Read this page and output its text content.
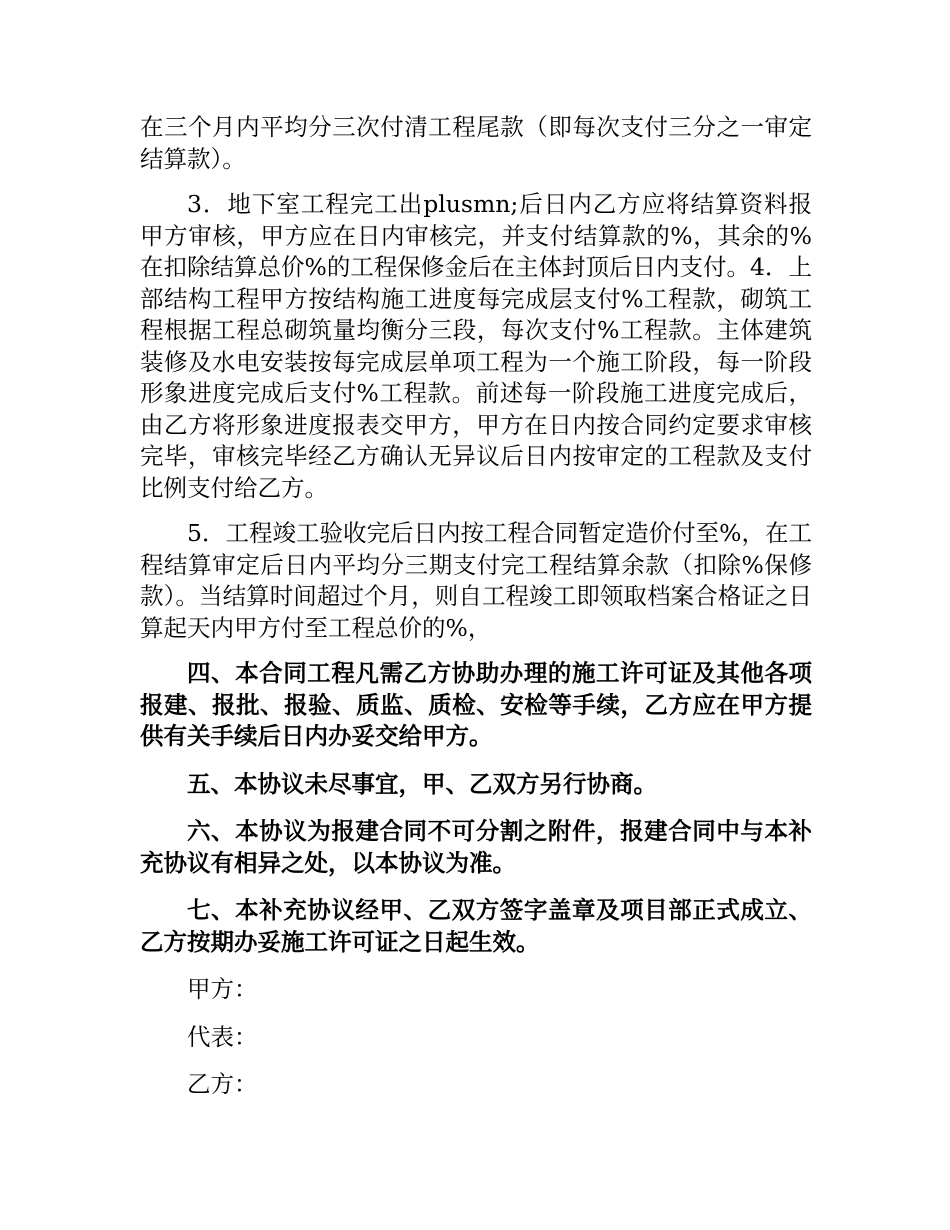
在三个月内平均分三次付清工程尾款（即每次支付三分之一审定结算款）。

3．地下室工程完工出plusmn;后日内乙方应将结算资料报甲方审核，甲方应在日内审核完，并支付结算款的%，其余的%在扣除结算总价%的工程保修金后在主体封顶后日内支付。4．上部结构工程甲方按结构施工进度每完成层支付%工程款，砌筑工程根据工程总砌筑量均衡分三段，每次支付%工程款。主体建筑装修及水电安装按每完成层单项工程为一个施工阶段，每一阶段形象进度完成后支付%工程款。前述每一阶段施工进度完成后，由乙方将形象进度报表交甲方，甲方在日内按合同约定要求审核完毕，审核完毕经乙方确认无异议后日内按审定的工程款及支付比例支付给乙方。

5．工程竣工验收完后日内按工程合同暂定造价付至%，在工程结算审定后日内平均分三期支付完工程结算余款（扣除%保修款）。当结算时间超过个月，则自工程竣工即领取档案合格证之日算起天内甲方付至工程总价的%，

四、本合同工程凡需乙方协助办理的施工许可证及其他各项报建、报批、报验、质监、质检、安检等手续，乙方应在甲方提供有关手续后日内办妥交给甲方。

五、本协议未尽事宜，甲、乙双方另行协商。

六、本协议为报建合同不可分割之附件，报建合同中与本补充协议有相异之处，以本协议为准。

七、本补充协议经甲、乙双方签字盖章及项目部正式成立、乙方按期办妥施工许可证之日起生效。

甲方：

代表：

乙方：
